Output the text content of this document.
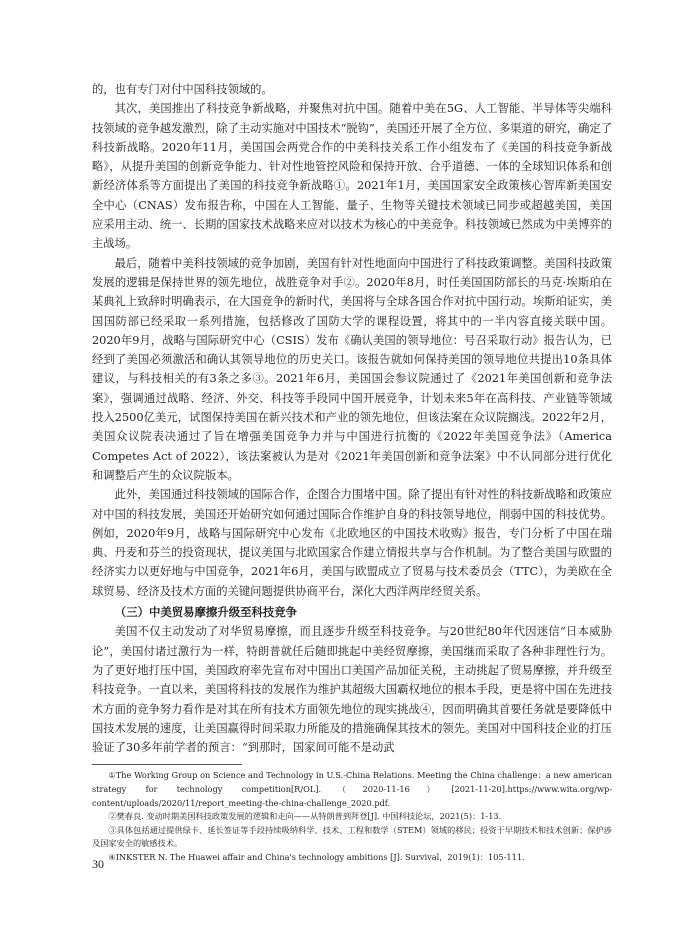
的，也有专门对付中国科技领域的。

其次，美国推出了科技竞争新战略，并聚焦对抗中国。随着中美在5G、人工智能、半导体等尖端科技领域的竞争越发激烈，除了主动实施对中国技术“脱钩”，美国还开展了全方位、多渠道的研究，确定了科技新战略。2020年11月，美国国会两党合作的中美科技关系工作小组发布了《美国的科技竞争新战略》，从提升美国的创新竞争能力、针对性地管控风险和保持开放、合乎道德、一体的全球知识体系和创新经济体系等方面提出了美国的科技竞争新战略①。2021年1月，美国国家安全政策核心智库新美国安全中心（CNAS）发布报告称，中国在人工智能、量子、生物等关键技术领域已同步或超越美国，美国应采用主动、统一、长期的国家技术战略来应对以技术为核心的中美竞争。科技领域已然成为中美博弈的主战场。

最后，随着中美科技领域的竞争加剧，美国有针对性地面向中国进行了科技政策调整。美国科技政策发展的逻辑是保持世界的领先地位，战胜竞争对手②。2020年8月，时任美国国防部长的马克·埃斯珀在某典礼上致辞时明确表示，在大国竞争的新时代，美国将与全球各国合作对抗中国行动。埃斯珀证实，美国国防部已经采取一系列措施，包括修改了国防大学的课程设置，将其中的一半内容直接关联中国。2020年9月，战略与国际研究中心（CSIS）发布《确认美国的领导地位：号召采取行动》报告认为，已经到了美国必须激活和确认其领导地位的历史关口。该报告就如何保持美国的领导地位共提出10条具体建议，与科技相关的有3条之多③。2021年6月，美国国会参议院通过了《2021年美国创新和竞争法案》，强调通过战略、经济、外交、科技等手段同中国开展竞争，计划未来5年在高科技、产业链等领域投入2500亿美元，试图保持美国在新兴技术和产业的领先地位，但该法案在众议院搁浅。2022年2月，美国众议院表决通过了旨在增强美国竞争力并与中国进行抗衡的《2022年美国竞争法》（America Competes Act of 2022），该法案被认为是对《2021年美国创新和竞争法案》中不认同部分进行优化和调整后产生的众议院版本。

此外，美国通过科技领域的国际合作，企图合力围堵中国。除了提出有针对性的科技新战略和政策应对中国的科技发展，美国还开始研究如何通过国际合作维护自身的科技领导地位，削弱中国的科技优势。例如，2020年9月，战略与国际研究中心发布《北欧地区的中国技术收购》报告，专门分析了中国在瑞典、丹麦和芬兰的投资现状，提议美国与北欧国家合作建立情报共享与合作机制。为了整合美国与欧盟的经济实力以更好地与中国竞争，2021年6月，美国与欧盟成立了贸易与技术委员会（TTC），为美欧在全球贸易、经济及技术方面的关键问题提供协商平台，深化大西洋两岸经贸关系。

（三）中美贸易摩擦升级至科技竞争

美国不仅主动发动了对华贸易摩擦，而且逐步升级至科技竞争。与20世纪80年代因迷信“日本威胁论”，美国付诸过激行为一样，特朗普就任后随即挑起中美经贸摩擦，美国继而采取了各种非理性行为。为了更好地打压中国，美国政府率先宣布对中国出口美国产品加征关税，主动挑起了贸易摩擦，并升级至科技竞争。一直以来，美国将科技的发展作为维护其超级大国霸权地位的根本手段，更是将中国在先进技术方面的竞争努力看作是对其在所有技术方面领先地位的现实挑战④，因而明确其首要任务就是要降低中国技术发展的速度，让美国赢得时间采取力所能及的措施确保其技术的领先。美国对中国科技企业的打压验证了30多年前学者的预言：“到那时，国家间可能不是动武

①The Working Group on Science and Technology in U.S.-China Relations. Meeting the China challenge：a new american strategy for technology competition[R/OL].（2020-11-16）[2021-11-20].https://www.wita.org/wp-content/uploads/2020/11/report_meeting-the-china-challenge_2020.pdf.

②樊春良. 变动时期美国科技政策发展的逻辑和走向——从特朗普到拜登[J]. 中国科技论坛，2021(5)：1-13.

③具体包括通过提供绿卡、延长签证等手段持续吸纳科学、技术、工程和数学（STEM）领域的移民；投资于早期技术和技术创新；保护涉及国家安全的敏感技术。

④INKSTER N. The Huawei affair and China's technology ambitions [J]. Survival，2019(1)：105-111.

30
